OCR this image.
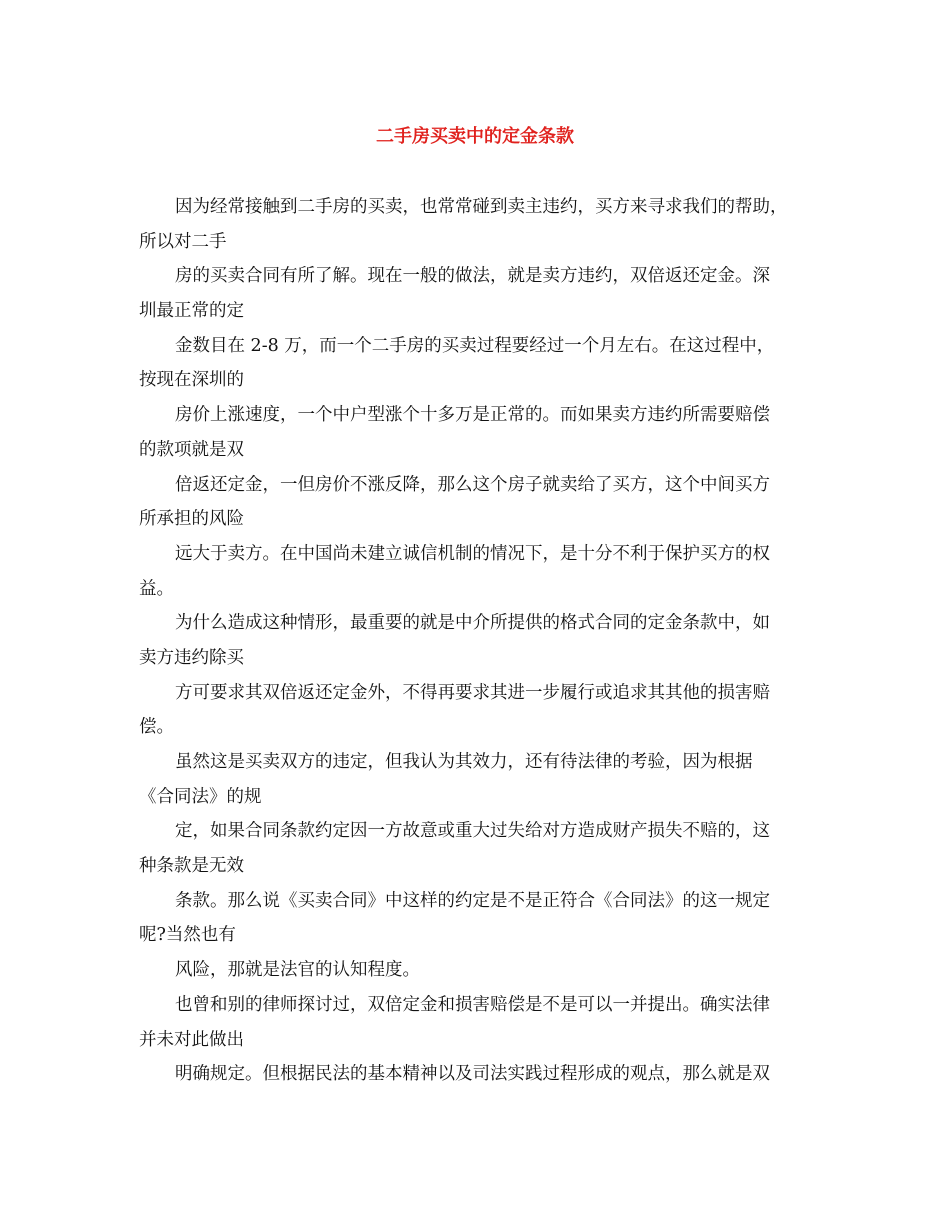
二手房买卖中的定金条款
因为经常接触到二手房的买卖，也常常碰到卖主违约，买方来寻求我们的帮助，
所以对二手
房的买卖合同有所了解。现在一般的做法，就是卖方违约，双倍返还定金。深
圳最正常的定
金数目在 2-8 万，而一个二手房的买卖过程要经过一个月左右。在这过程中，
按现在深圳的
房价上涨速度，一个中户型涨个十多万是正常的。而如果卖方违约所需要赔偿
的款项就是双
倍返还定金，一但房价不涨反降，那么这个房子就卖给了买方，这个中间买方
所承担的风险
远大于卖方。在中国尚未建立诚信机制的情况下，是十分不利于保护买方的权
益。
为什么造成这种情形，最重要的就是中介所提供的格式合同的定金条款中，如
卖方违约除买
方可要求其双倍返还定金外，不得再要求其进一步履行或追求其其他的损害赔
偿。
虽然这是买卖双方的违定，但我认为其效力，还有待法律的考验，因为根据
《合同法》的规
定，如果合同条款约定因一方故意或重大过失给对方造成财产损失不赔的，这
种条款是无效
条款。那么说《买卖合同》中这样的约定是不是正符合《合同法》的这一规定
呢?当然也有
风险，那就是法官的认知程度。
也曾和别的律师探讨过，双倍定金和损害赔偿是不是可以一并提出。确实法律
并未对此做出
明确规定。但根据民法的基本精神以及司法实践过程形成的观点，那么就是双
